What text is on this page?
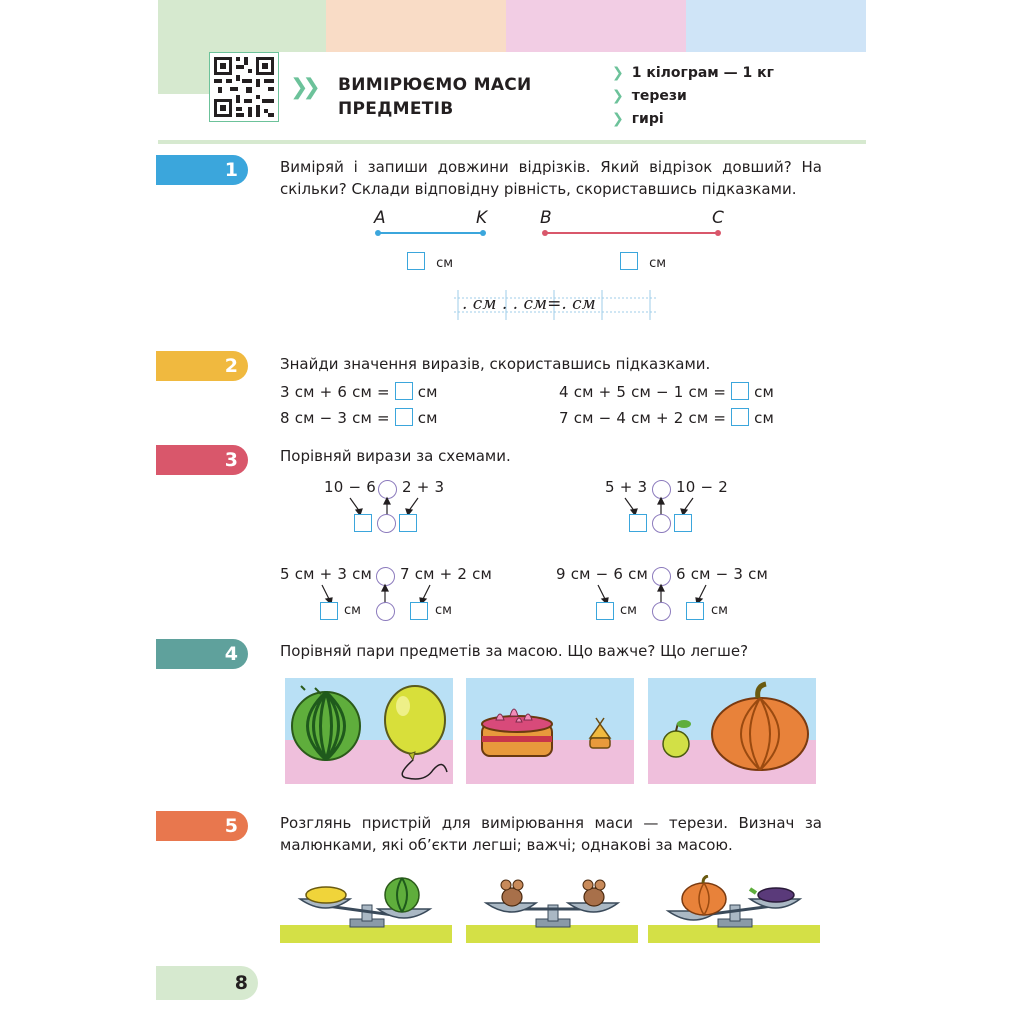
❯❯ ВИМІРЮЄМО МАСИ
ПРЕДМЕТІВ
❯ 1 кілограм — 1 кг
❯ терези
❯ гирі
1	Виміряй і запиши довжини відрізків. Який відрізок довший? На скільки? Склади відповідну рівність, скориставшись підказками.
A	K	B	C
см	см
. см . . см=. см
2	Знайди значення виразів, скориставшись підказками.
3 см + 6 см = см
8 см − 3 см = см
4 см + 5 см − 1 см = см
7 см − 4 см + 2 см = см
3	Порівняй вирази за схемами.
10 − 6 2 + 3	5 + 3 10 − 2
5 см + 3 см 7 см + 2 см
см	см
9 см − 6 см 6 см − 3 см
см	см
4	Порівняй пари предметів за масою. Що важче? Що легше?
5	Розглянь пристрій для вимірювання маси — терези. Визнач за малюнками, які об’єкти легші; важчі; однакові за масою.
8
